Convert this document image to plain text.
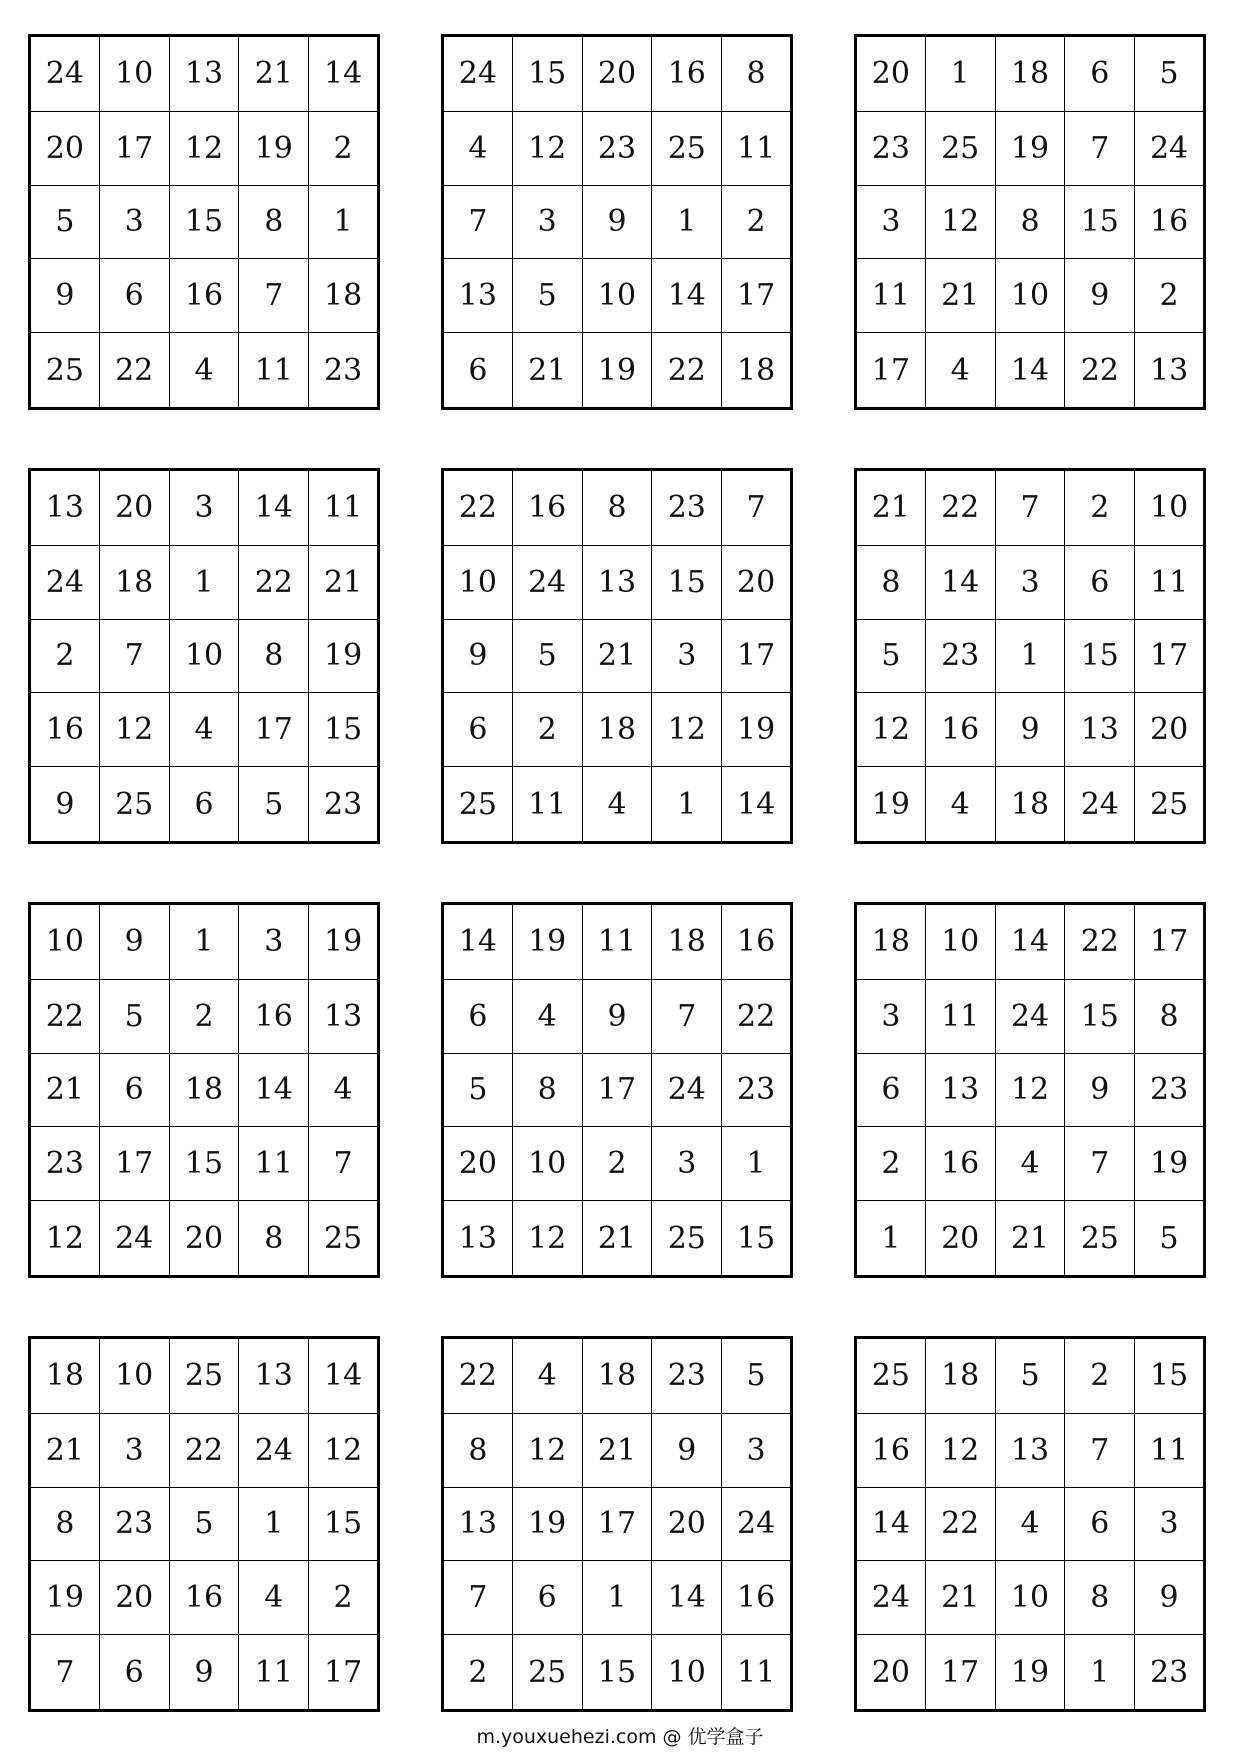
24	10	13	21	14
20	17	12	19	2
5	3	15	8	1
9	6	16	7	18
25	22	4	11	23
24	15	20	16	8
4	12	23	25	11
7	3	9	1	2
13	5	10	14	17
6	21	19	22	18
20	1	18	6	5
23	25	19	7	24
3	12	8	15	16
11	21	10	9	2
17	4	14	22	13
13	20	3	14	11
24	18	1	22	21
2	7	10	8	19
16	12	4	17	15
9	25	6	5	23
22	16	8	23	7
10	24	13	15	20
9	5	21	3	17
6	2	18	12	19
25	11	4	1	14
21	22	7	2	10
8	14	3	6	11
5	23	1	15	17
12	16	9	13	20
19	4	18	24	25
10	9	1	3	19
22	5	2	16	13
21	6	18	14	4
23	17	15	11	7
12	24	20	8	25
14	19	11	18	16
6	4	9	7	22
5	8	17	24	23
20	10	2	3	1
13	12	21	25	15
18	10	14	22	17
3	11	24	15	8
6	13	12	9	23
2	16	4	7	19
1	20	21	25	5
18	10	25	13	14
21	3	22	24	12
8	23	5	1	15
19	20	16	4	2
7	6	9	11	17
22	4	18	23	5
8	12	21	9	3
13	19	17	20	24
7	6	1	14	16
2	25	15	10	11
25	18	5	2	15
16	12	13	7	11
14	22	4	6	3
24	21	10	8	9
20	17	19	1	23
m.youxuehezi.com @ 优学盒子
